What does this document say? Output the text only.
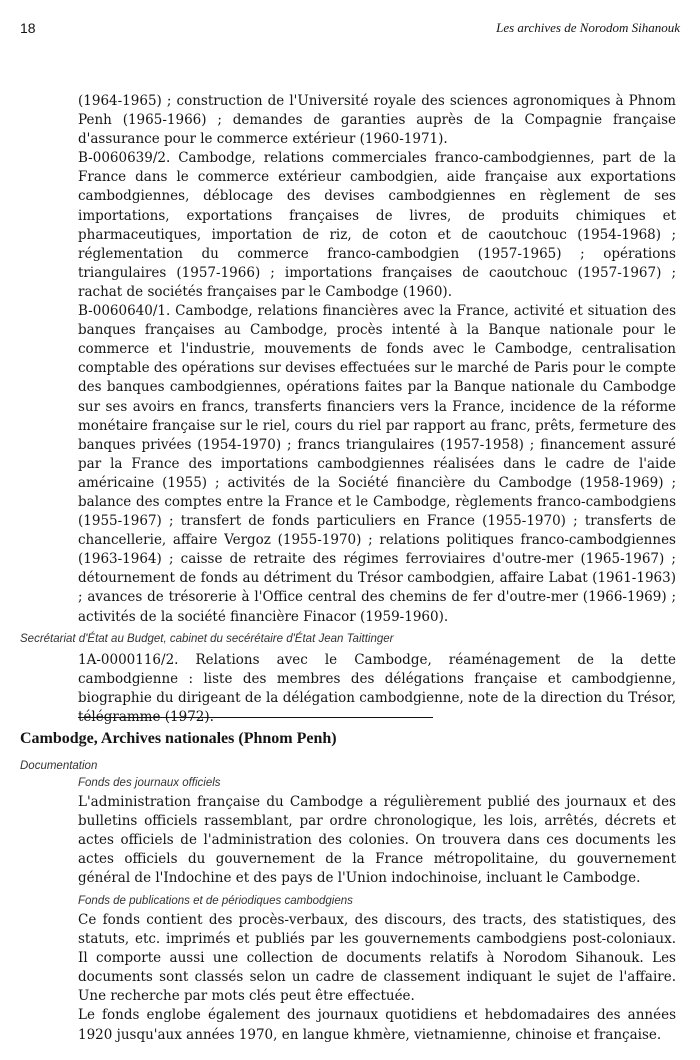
18	Les archives de Norodom Sihanouk

(1964-1965) ; construction de l'Université royale des sciences agronomiques à Phnom Penh (1965-1966) ; demandes de garanties auprès de la Compagnie française d'assurance pour le commerce extérieur (1960-1971).

B-0060639/2. Cambodge, relations commerciales franco-cambodgiennes, part de la France dans le commerce extérieur cambodgien, aide française aux exportations cambodgiennes, déblocage des devises cambodgiennes en règlement de ses importations, exportations françaises de livres, de produits chimiques et pharmaceutiques, importation de riz, de coton et de caoutchouc (1954-1968) ; réglementation du commerce franco-cambodgien (1957-1965) ; opérations triangulaires (1957-1966) ; importations françaises de caoutchouc (1957-1967) ; rachat de sociétés françaises par le Cambodge (1960).

B-0060640/1. Cambodge, relations financières avec la France, activité et situation des banques françaises au Cambodge, procès intenté à la Banque nationale pour le commerce et l'industrie, mouvements de fonds avec le Cambodge, centralisation comptable des opérations sur devises effectuées sur le marché de Paris pour le compte des banques cambodgiennes, opérations faites par la Banque nationale du Cambodge sur ses avoirs en francs, transferts financiers vers la France, incidence de la réforme monétaire française sur le riel, cours du riel par rapport au franc, prêts, fermeture des banques privées (1954-1970) ; francs triangulaires (1957-1958) ; financement assuré par la France des importations cambodgiennes réalisées dans le cadre de l'aide américaine (1955) ; activités de la Société financière du Cambodge (1958-1969) ; balance des comptes entre la France et le Cambodge, règlements franco-cambodgiens (1955-1967) ; transfert de fonds particuliers en France (1955-1970) ; transferts de chancellerie, affaire Vergoz (1955-1970) ; relations politiques franco-cambodgiennes (1963-1964) ; caisse de retraite des régimes ferroviaires d'outre-mer (1965-1967) ; détournement de fonds au détriment du Trésor cambodgien, affaire Labat (1961-1963) ; avances de trésorerie à l'Office central des chemins de fer d'outre-mer (1966-1969) ; activités de la société financière Finacor (1959-1960).

Secrétariat d'État au Budget, cabinet du secérétaire d'État Jean Taittinger

1A-0000116/2. Relations avec le Cambodge, réaménagement de la dette cambodgienne : liste des membres des délégations française et cambodgienne, biographie du dirigeant de la délégation cambodgienne, note de la direction du Trésor, télégramme (1972).

Cambodge, Archives nationales (Phnom Penh)
Documentation
Fonds des journaux officiels

L'administration française du Cambodge a régulièrement publié des journaux et des bulletins officiels rassemblant, par ordre chronologique, les lois, arrêtés, décrets et actes officiels de l'administration des colonies. On trouvera dans ces documents les actes officiels du gouvernement de la France métropolitaine, du gouvernement général de l'Indochine et des pays de l'Union indochinoise, incluant le Cambodge.

Fonds de publications et de périodiques cambodgiens

Ce fonds contient des procès-verbaux, des discours, des tracts, des statistiques, des statuts, etc. imprimés et publiés par les gouvernements cambodgiens post-coloniaux. Il comporte aussi une collection de documents relatifs à Norodom Sihanouk. Les documents sont classés selon un cadre de classement indiquant le sujet de l'affaire. Une recherche par mots clés peut être effectuée.

Le fonds englobe également des journaux quotidiens et hebdomadaires des années 1920 jusqu'aux années 1970, en langue khmère, vietnamienne, chinoise et française.
